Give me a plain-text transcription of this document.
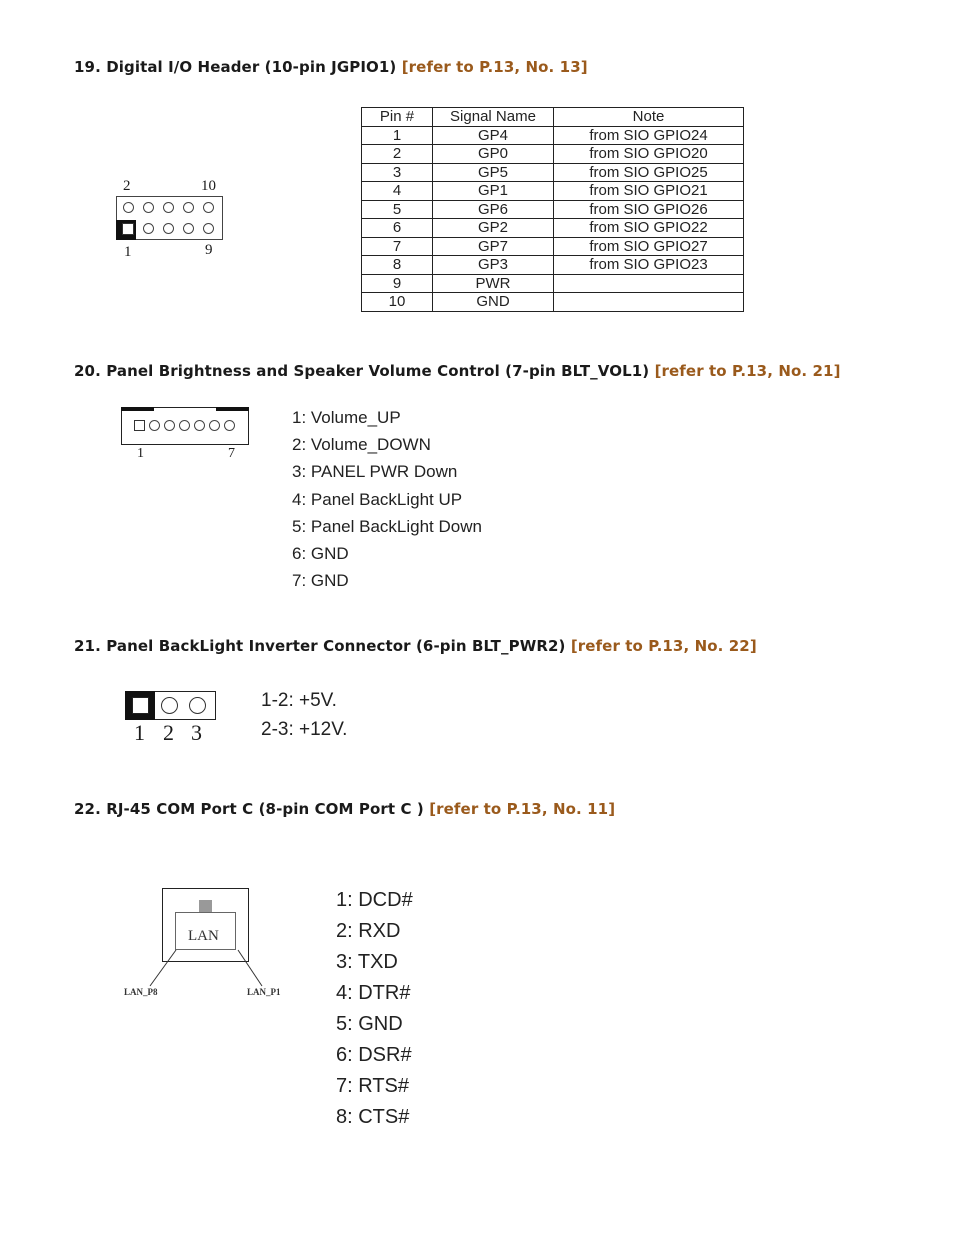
19. Digital I/O Header (10-pin JGPIO1) [refer to P.13, No. 13]
2	10
1	9
Pin #	Signal Name	Note
1	GP4	from SIO GPIO24
2	GP0	from SIO GPIO20
3	GP5	from SIO GPIO25
4	GP1	from SIO GPIO21
5	GP6	from SIO GPIO26
6	GP2	from SIO GPIO22
7	GP7	from SIO GPIO27
8	GP3	from SIO GPIO23
9	PWR	
10	GND	
20. Panel Brightness and Speaker Volume Control (7-pin BLT_VOL1) [refer to P.13, No. 21]
1	7
1: Volume_UP
2: Volume_DOWN
3: PANEL PWR Down
4: Panel BackLight UP
5: Panel BackLight Down
6: GND
7: GND
21. Panel BackLight Inverter Connector (6-pin BLT_PWR2) [refer to P.13, No. 22]
1 2 3
1-2: +5V.
2-3: +12V.
22. RJ-45 COM Port C (8-pin COM Port C ) [refer to P.13, No. 11]
LAN
LAN_P8	LAN_P1
1: DCD#
2: RXD
3: TXD
4: DTR#
5: GND
6: DSR#
7: RTS#
8: CTS#
